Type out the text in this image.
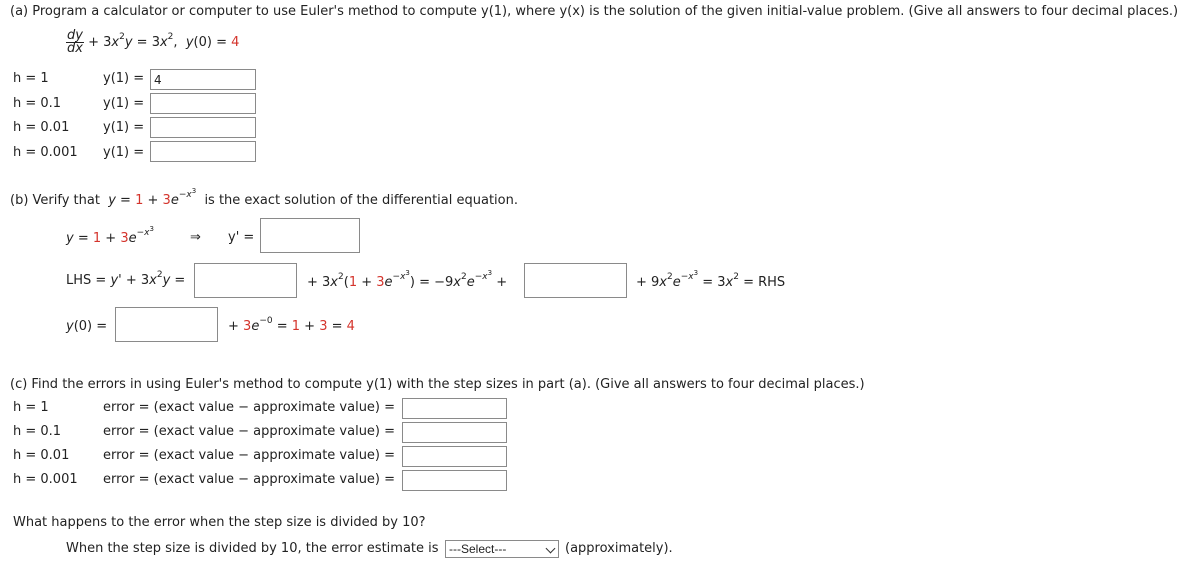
(a) Program a calculator or computer to use Euler's method to compute y(1), where y(x) is the solution of the given initial-value problem. (Give all answers to four decimal places.)
$\frac{dy}{dx} + 3x^2y = 3x^2$,  y(0) = 4
h = 1	y(1) =
4
h = 0.1	y(1) =
h = 0.01	y(1) =
h = 0.001 y(1) =
(b) Verify that $y = 1 + 3e^{-x^3}$  is the exact solution of the differential equation.
$y = 1 + 3e^{-x^3}$
⇒ y' =
LHS = $y' + 3x^2y$ =	+ $3x^2(1 + 3e^{-x^3}) = -9x^2e^{-x^3}$ +	+ $9x^2e^{-x^3} = 3x^2$ = RHS
y(0) =	+ $3e^{-0} = 1 + 3 = 4$
(c) Find the errors in using Euler's method to compute y(1) with the step sizes in part (a). (Give all answers to four decimal places.)
h = 1	error = (exact value − approximate value) =
h = 0.1	error = (exact value − approximate value) =
h = 0.01	error = (exact value − approximate value) =
h = 0.001 error = (exact value − approximate value) =
What happens to the error when the step size is divided by 10?
When the step size is divided by 10, the error estimate is ---Select---	(approximately).
